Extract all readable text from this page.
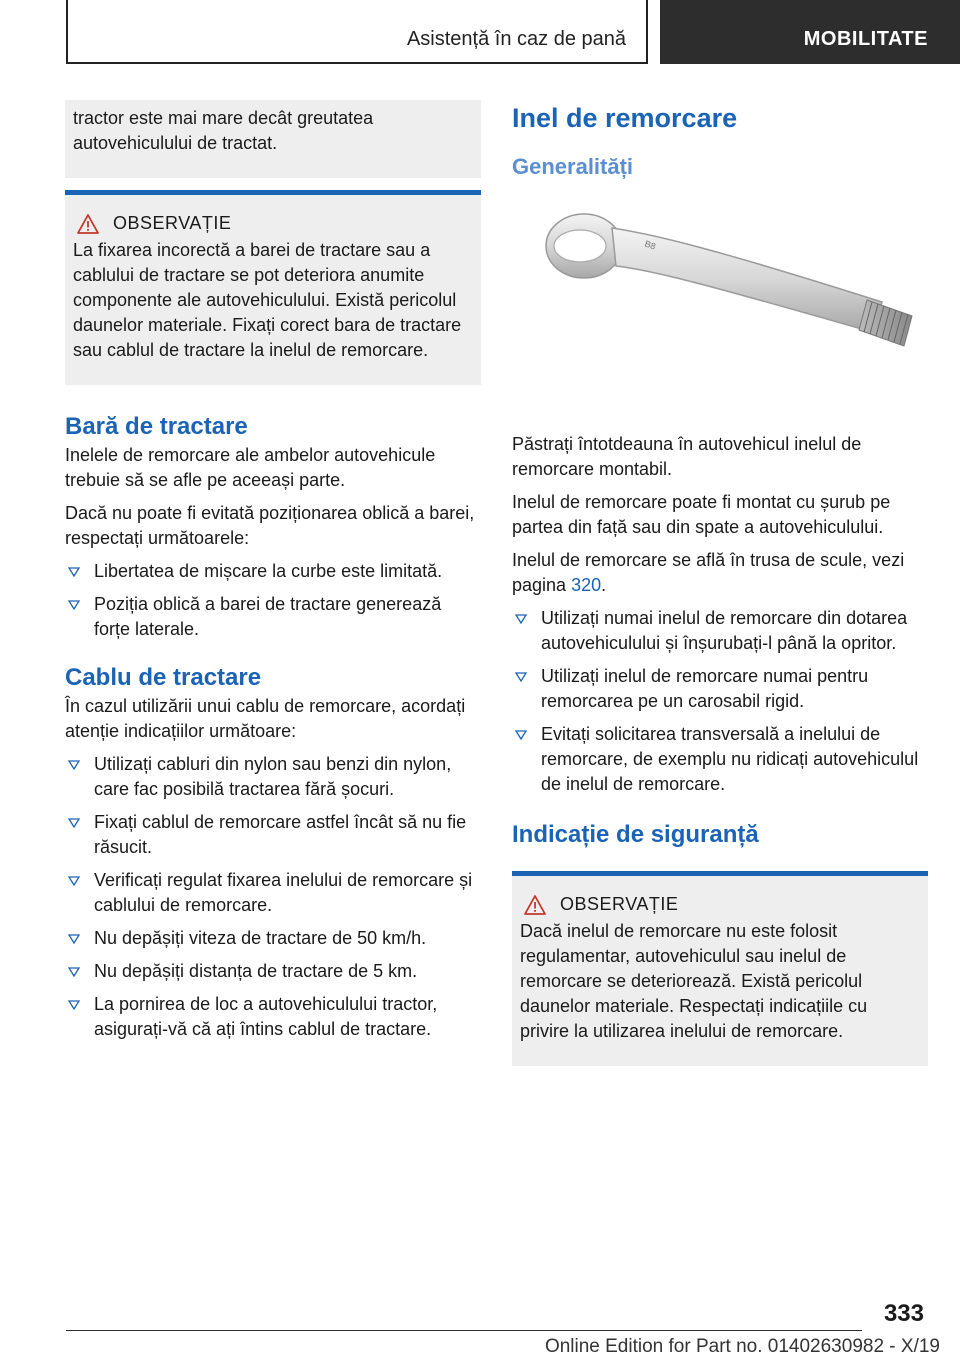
Asistență în caz de pană	MOBILITATE

tractor este mai mare decât greutatea autovehiculului de tractat.

OBSERVAȚIE

La fixarea incorectă a barei de tractare sau a cablului de tractare se pot deteriora anumite componente ale autovehiculului. Există pericolul daunelor materiale. Fixați corect bara de tractare sau cablul de tractare la inelul de remorcare.

Bară de tractare

Inelele de remorcare ale ambelor autovehicule trebuie să se afle pe aceeași parte.

Dacă nu poate fi evitată poziționarea oblică a barei, respectați următoarele:

Libertatea de mișcare la curbe este limitată.
Poziția oblică a barei de tractare generează forțe laterale.
Cablu de tractare

În cazul utilizării unui cablu de remorcare, acordați atenție indicațiilor următoare:

Utilizați cabluri din nylon sau benzi din nylon, care fac posibilă tractarea fără șocuri.
Fixați cablul de remorcare astfel încât să nu fie răsucit.
Verificați regulat fixarea inelului de remorcare și cablului de remorcare.
Nu depășiți viteza de tractare de 50 km/h.
Nu depășiți distanța de tractare de 5 km.
La pornirea de loc a autovehiculului tractor, asigurați-vă că ați întins cablul de tractare.
Inel de remorcare
Generalități
B8

Păstrați întotdeauna în autovehicul inelul de remorcare montabil.

Inelul de remorcare poate fi montat cu șurub pe partea din față sau din spate a autovehiculului.

Inelul de remorcare se află în trusa de scule, vezi pagina 320.

Utilizați numai inelul de remorcare din dotarea autovehiculului și înșurubați-l până la opritor.
Utilizați inelul de remorcare numai pentru remorcarea pe un carosabil rigid.
Evitați solicitarea transversală a inelului de remorcare, de exemplu nu ridicați autovehiculul de inelul de remorcare.
Indicație de siguranță
OBSERVAȚIE

Dacă inelul de remorcare nu este folosit regulamentar, autovehiculul sau inelul de remorcare se deteriorează. Există pericolul daunelor materiale. Respectați indicațiile cu privire la utilizarea inelului de remorcare.

333
Online Edition for Part no. 01402630982 - X/19
